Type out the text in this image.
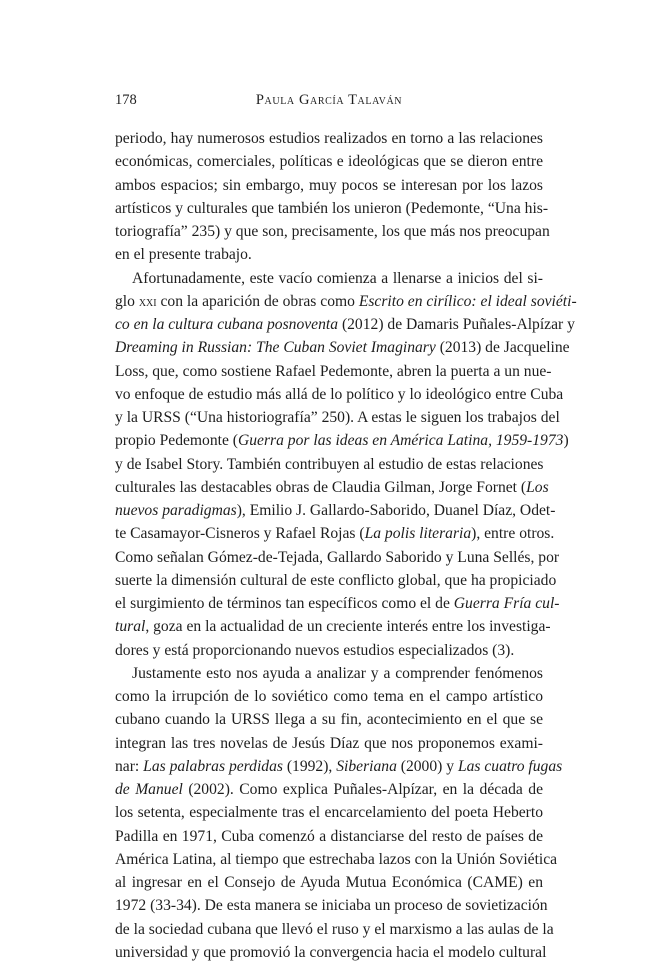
178	Paula García Talaván
periodo, hay numerosos estudios realizados en torno a las relaciones
económicas, comerciales, políticas e ideológicas que se dieron entre
ambos espacios; sin embargo, muy pocos se interesan por los lazos
artísticos y culturales que también los unieron (Pedemonte, “Una his-
toriografía” 235) y que son, precisamente, los que más nos preocupan
en el presente trabajo.
Afortunadamente, este vacío comienza a llenarse a inicios del si-
glo xxi con la aparición de obras como Escrito en cirílico: el ideal soviéti-
co en la cultura cubana posnoventa (2012) de Damaris Puñales-Alpízar y
Dreaming in Russian: The Cuban Soviet Imaginary (2013) de Jacqueline
Loss, que, como sostiene Rafael Pedemonte, abren la puerta a un nue-
vo enfoque de estudio más allá de lo político y lo ideológico entre Cuba
y la URSS (“Una historiografía” 250). A estas le siguen los trabajos del
propio Pedemonte (Guerra por las ideas en América Latina, 1959-1973)
y de Isabel Story. También contribuyen al estudio de estas relaciones
culturales las destacables obras de Claudia Gilman, Jorge Fornet (Los
nuevos paradigmas), Emilio J. Gallardo-Saborido, Duanel Díaz, Odet-
te Casamayor-Cisneros y Rafael Rojas (La polis literaria), entre otros.
Como señalan Gómez-de-Tejada, Gallardo Saborido y Luna Sellés, por
suerte la dimensión cultural de este conflicto global, que ha propiciado
el surgimiento de términos tan específicos como el de Guerra Fría cul-
tural, goza en la actualidad de un creciente interés entre los investiga-
dores y está proporcionando nuevos estudios especializados (3).
Justamente esto nos ayuda a analizar y a comprender fenómenos
como la irrupción de lo soviético como tema en el campo artístico
cubano cuando la URSS llega a su fin, acontecimiento en el que se
integran las tres novelas de Jesús Díaz que nos proponemos exami-
nar: Las palabras perdidas (1992), Siberiana (2000) y Las cuatro fugas
de Manuel (2002). Como explica Puñales-Alpízar, en la década de
los setenta, especialmente tras el encarcelamiento del poeta Heberto
Padilla en 1971, Cuba comenzó a distanciarse del resto de países de
América Latina, al tiempo que estrechaba lazos con la Unión Soviética
al ingresar en el Consejo de Ayuda Mutua Económica (CAME) en
1972 (33-34). De esta manera se iniciaba un proceso de sovietización
de la sociedad cubana que llevó el ruso y el marxismo a las aulas de la
universidad y que promovió la convergencia hacia el modelo cultural
